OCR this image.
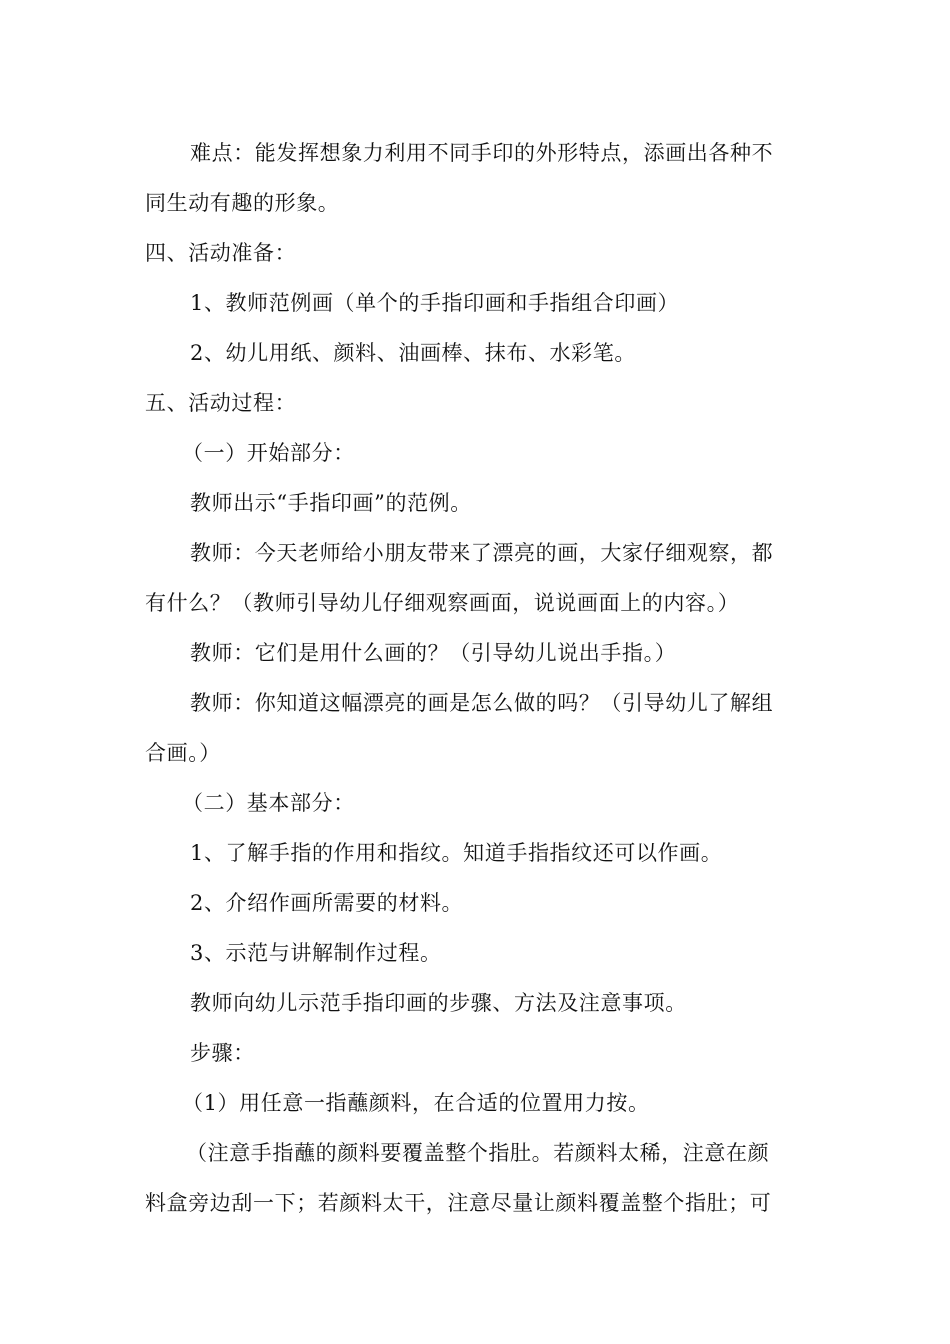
难点：能发挥想象力利用不同手印的外形特点，添画出各种不
同生动有趣的形象。
四、活动准备：
1、教师范例画（单个的手指印画和手指组合印画）
2、幼儿用纸、颜料、油画棒、抹布、水彩笔。
五、活动过程：
（一）开始部分：
教师出示“手指印画”的范例。
教师：今天老师给小朋友带来了漂亮的画，大家仔细观察，都
有什么？（教师引导幼儿仔细观察画面，说说画面上的内容。）
教师：它们是用什么画的？（引导幼儿说出手指。）
教师：你知道这幅漂亮的画是怎么做的吗？（引导幼儿了解组
合画。）
（二）基本部分：
1、了解手指的作用和指纹。知道手指指纹还可以作画。
2、介绍作画所需要的材料。
3、示范与讲解制作过程。
教师向幼儿示范手指印画的步骤、方法及注意事项。
步骤：
（1）用任意一指蘸颜料，在合适的位置用力按。
（注意手指蘸的颜料要覆盖整个指肚。若颜料太稀，注意在颜
料盒旁边刮一下；若颜料太干，注意尽量让颜料覆盖整个指肚；可
